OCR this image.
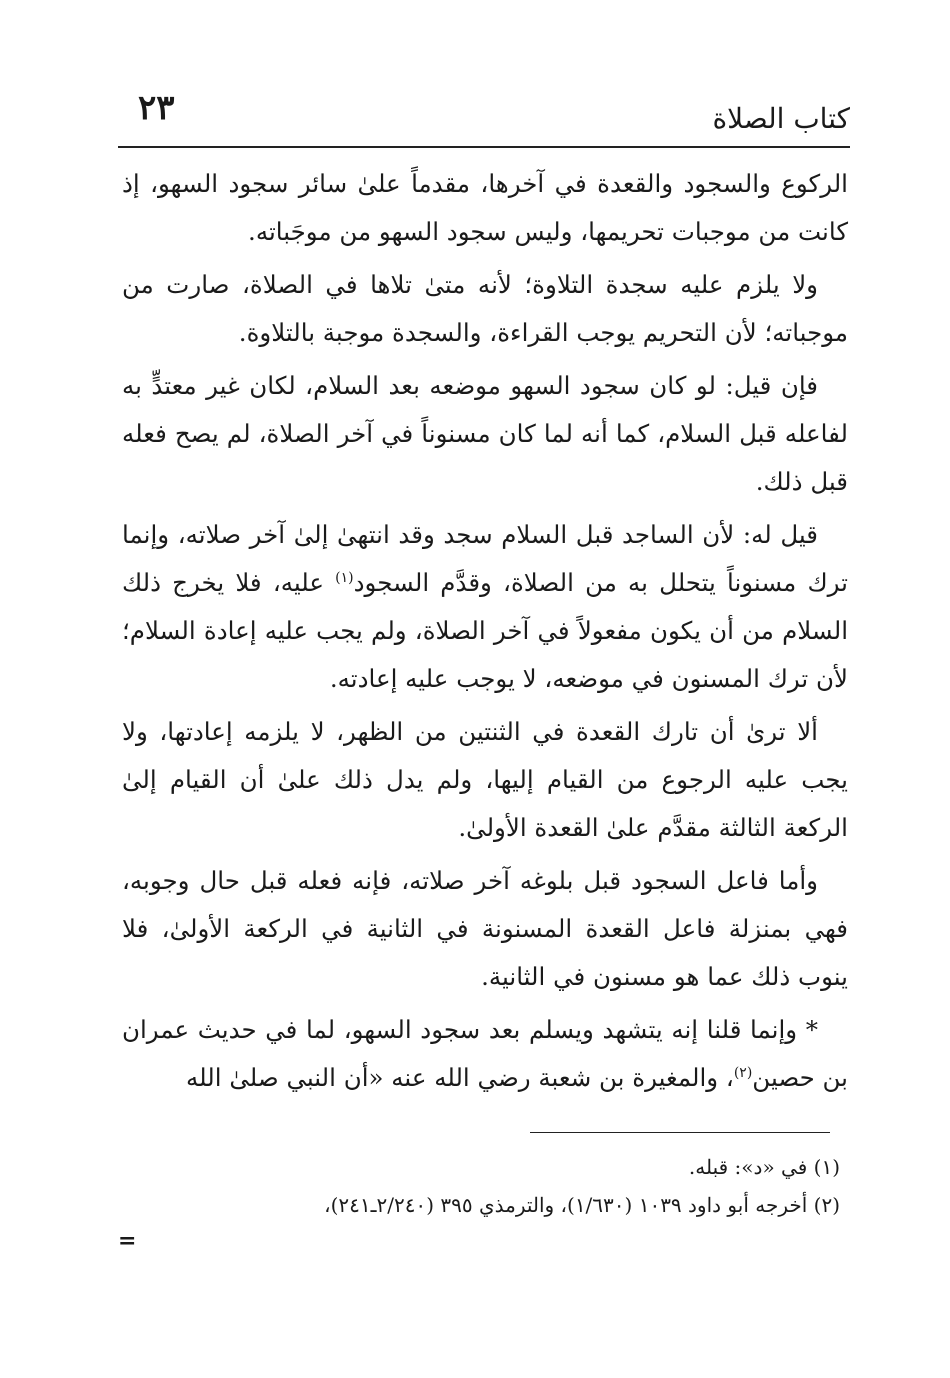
٢٣	كتاب الصلاة

الركوع والسجود والقعدة في آخرها، مقدماً علىٰ سائر سجود السهو، إذ كانت من موجبات تحريمها، وليس سجود السهو من موجَباته.

ولا يلزم عليه سجدة التلاوة؛ لأنه متىٰ تلاها في الصلاة، صارت من موجباته؛ لأن التحريم يوجب القراءة، والسجدة موجبة بالتلاوة.

فإن قيل: لو كان سجود السهو موضعه بعد السلام، لكان غير معتدٍّ به لفاعله قبل السلام، كما أنه لما كان مسنوناً في آخر الصلاة، لم يصح فعله قبل ذلك.

قيل له: لأن الساجد قبل السلام سجد وقد انتهىٰ إلىٰ آخر صلاته، وإنما ترك مسنوناً يتحلل به من الصلاة، وقدَّم السجود$^{(١)}$ عليه، فلا يخرج ذلك السلام من أن يكون مفعولاً في آخر الصلاة، ولم يجب عليه إعادة السلام؛ لأن ترك المسنون في موضعه، لا يوجب عليه إعادته.

ألا ترىٰ أن تارك القعدة في الثنتين من الظهر، لا يلزمه إعادتها، ولا يجب عليه الرجوع من القيام إليها، ولم يدل ذلك علىٰ أن القيام إلىٰ الركعة الثالثة مقدَّم علىٰ القعدة الأولىٰ.

وأما فاعل السجود قبل بلوغه آخر صلاته، فإنه فعله قبل حال وجوبه، فهي بمنزلة فاعل القعدة المسنونة في الثانية في الركعة الأولىٰ، فلا ينوب ذلك عما هو مسنون في الثانية.

* وإنما قلنا إنه يتشهد ويسلم بعد سجود السهو، لما في حديث عمران بن حصين$^{(٢)}$، والمغيرة بن شعبة رضي الله عنه «أن النبي صلىٰ الله

(١) في «د»: قبله.
(٢) أخرجه أبو داود ١٠٣٩ (١/٦٣٠)، والترمذي ٣٩٥ (٢/٢٤٠ـ٢٤١)،
=
